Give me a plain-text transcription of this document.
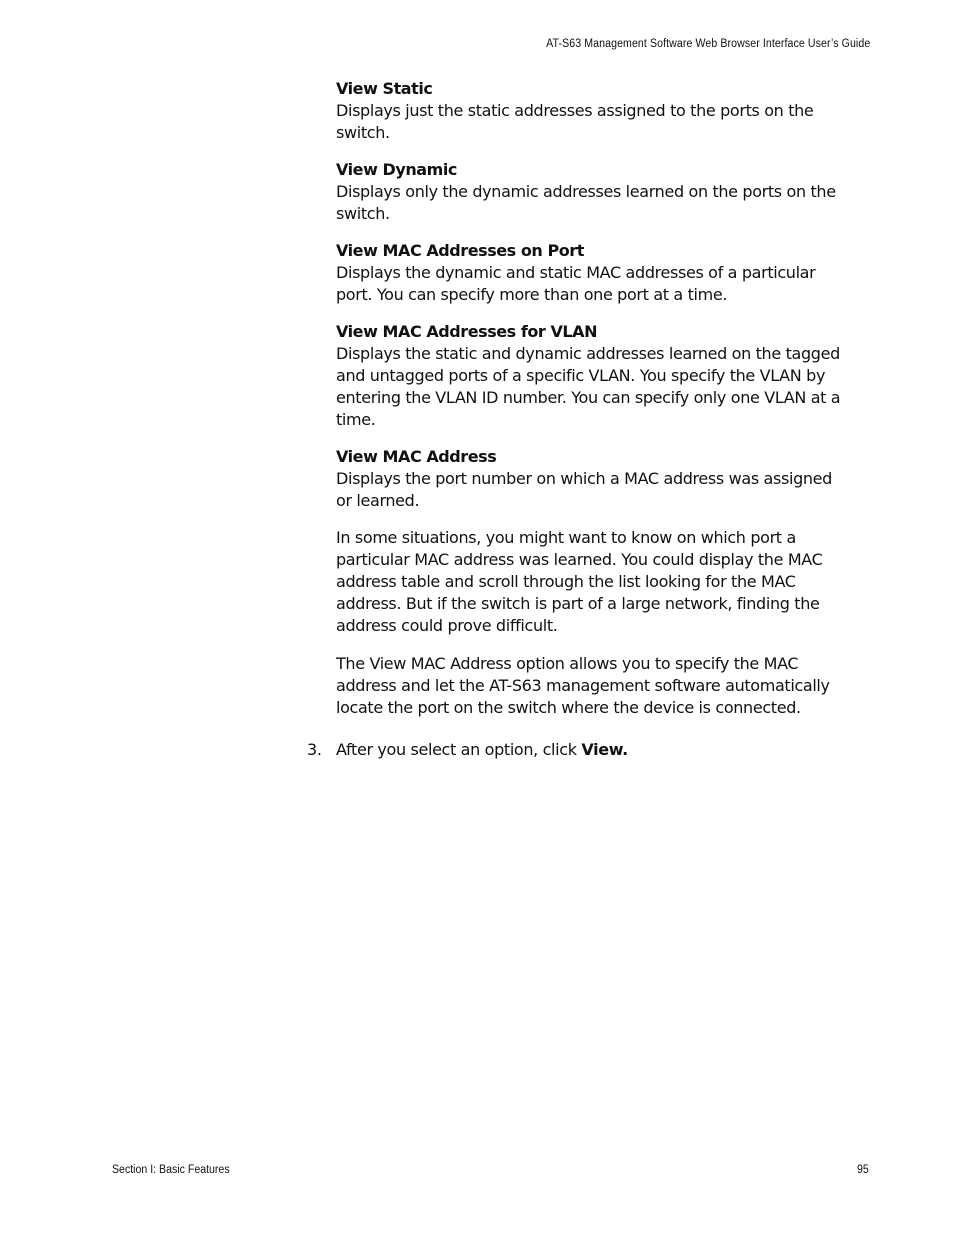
AT-S63 Management Software Web Browser Interface User’s Guide
View Static
Displays just the static addresses assigned to the ports on the switch.
View Dynamic
Displays only the dynamic addresses learned on the ports on the switch.
View MAC Addresses on Port
Displays the dynamic and static MAC addresses of a particular port. You can specify more than one port at a time.
View MAC Addresses for VLAN
Displays the static and dynamic addresses learned on the tagged and untagged ports of a specific VLAN. You specify the VLAN by entering the VLAN ID number. You can specify only one VLAN at a time.
View MAC Address
Displays the port number on which a MAC address was assigned or learned.

In some situations, you might want to know on which port a particular MAC address was learned. You could display the MAC address table and scroll through the list looking for the MAC address. But if the switch is part of a large network, finding the address could prove difficult.

The View MAC Address option allows you to specify the MAC address and let the AT-S63 management software automatically locate the port on the switch where the device is connected.

3. After you select an option, click View.
Section I: Basic Features	95
